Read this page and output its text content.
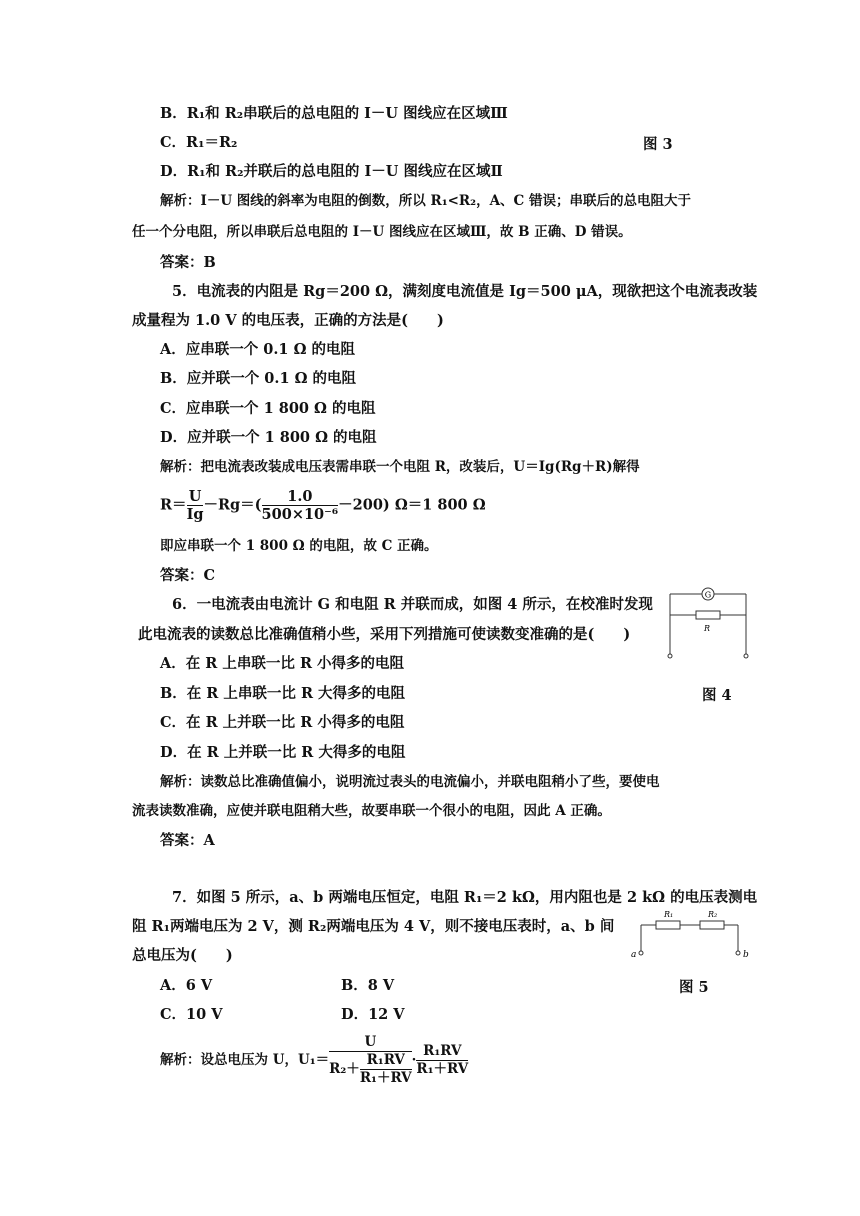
B．R₁和 R₂串联后的总电阻的 I－U 图线应在区域Ⅲ
C．R₁＝R₂	图 3
D．R₁和 R₂并联后的总电阻的 I－U 图线应在区域Ⅱ
解析：I－U 图线的斜率为电阻的倒数，所以 R₁<R₂，A、C 错误；串联后的总电阻大于
任一个分电阻，所以串联后总电阻的 I－U 图线应在区域Ⅲ，故 B 正确、D 错误。
答案：B
5．电流表的内阻是 Rg＝200 Ω，满刻度电流值是 Ig＝500 μA，现欲把这个电流表改装
成量程为 1.0 V 的电压表，正确的方法是(　　)
A．应串联一个 0.1 Ω 的电阻
B．应并联一个 0.1 Ω 的电阻
C．应串联一个 1 800 Ω 的电阻
D．应并联一个 1 800 Ω 的电阻
解析：把电流表改装成电压表需串联一个电阻 R，改装后，U＝Ig(Rg＋R)解得
$R= \frac{U}{Ig} -Rg=( \frac{1.0}{\text{500×10⁻⁶}} -200)$ Ω＝1 800 Ω
即应串联一个 1 800 Ω 的电阻，故 C 正确。
答案：C
6．一电流表由电流计 G 和电阻 R 并联而成，如图 4 所示，在校准时发现
此电流表的读数总比准确值稍小些，采用下列措施可使读数变准确的是(　　)
A．在 R 上串联一比 R 小得多的电阻
B．在 R 上串联一比 R 大得多的电阻	图 4
C．在 R 上并联一比 R 小得多的电阻
D．在 R 上并联一比 R 大得多的电阻
解析：读数总比准确值偏小，说明流过表头的电流偏小，并联电阻稍小了些，要使电
流表读数准确，应使并联电阻稍大些，故要串联一个很小的电阻，因此 A 正确。
答案：A
7．如图 5 所示，a、b 两端电压恒定，电阻 R₁＝2 kΩ，用内阻也是 2 kΩ 的电压表测电
阻 R₁两端电压为 2 V，测 R₂两端电压为 4 V，则不接电压表时，a、b 间
总电压为(　　)
A．6 V	B．8 V	图 5
C．10 V	D．12 V
解析：设总电压为 U，$U_1= \frac{U}{R_2+ \frac{\text{R₁RV}}{\text{R₁＋RV}}} \cdot \frac{\text{R₁RV}}{\text{R₁＋RV}}$
G
R
R₁	R₂
a	b
